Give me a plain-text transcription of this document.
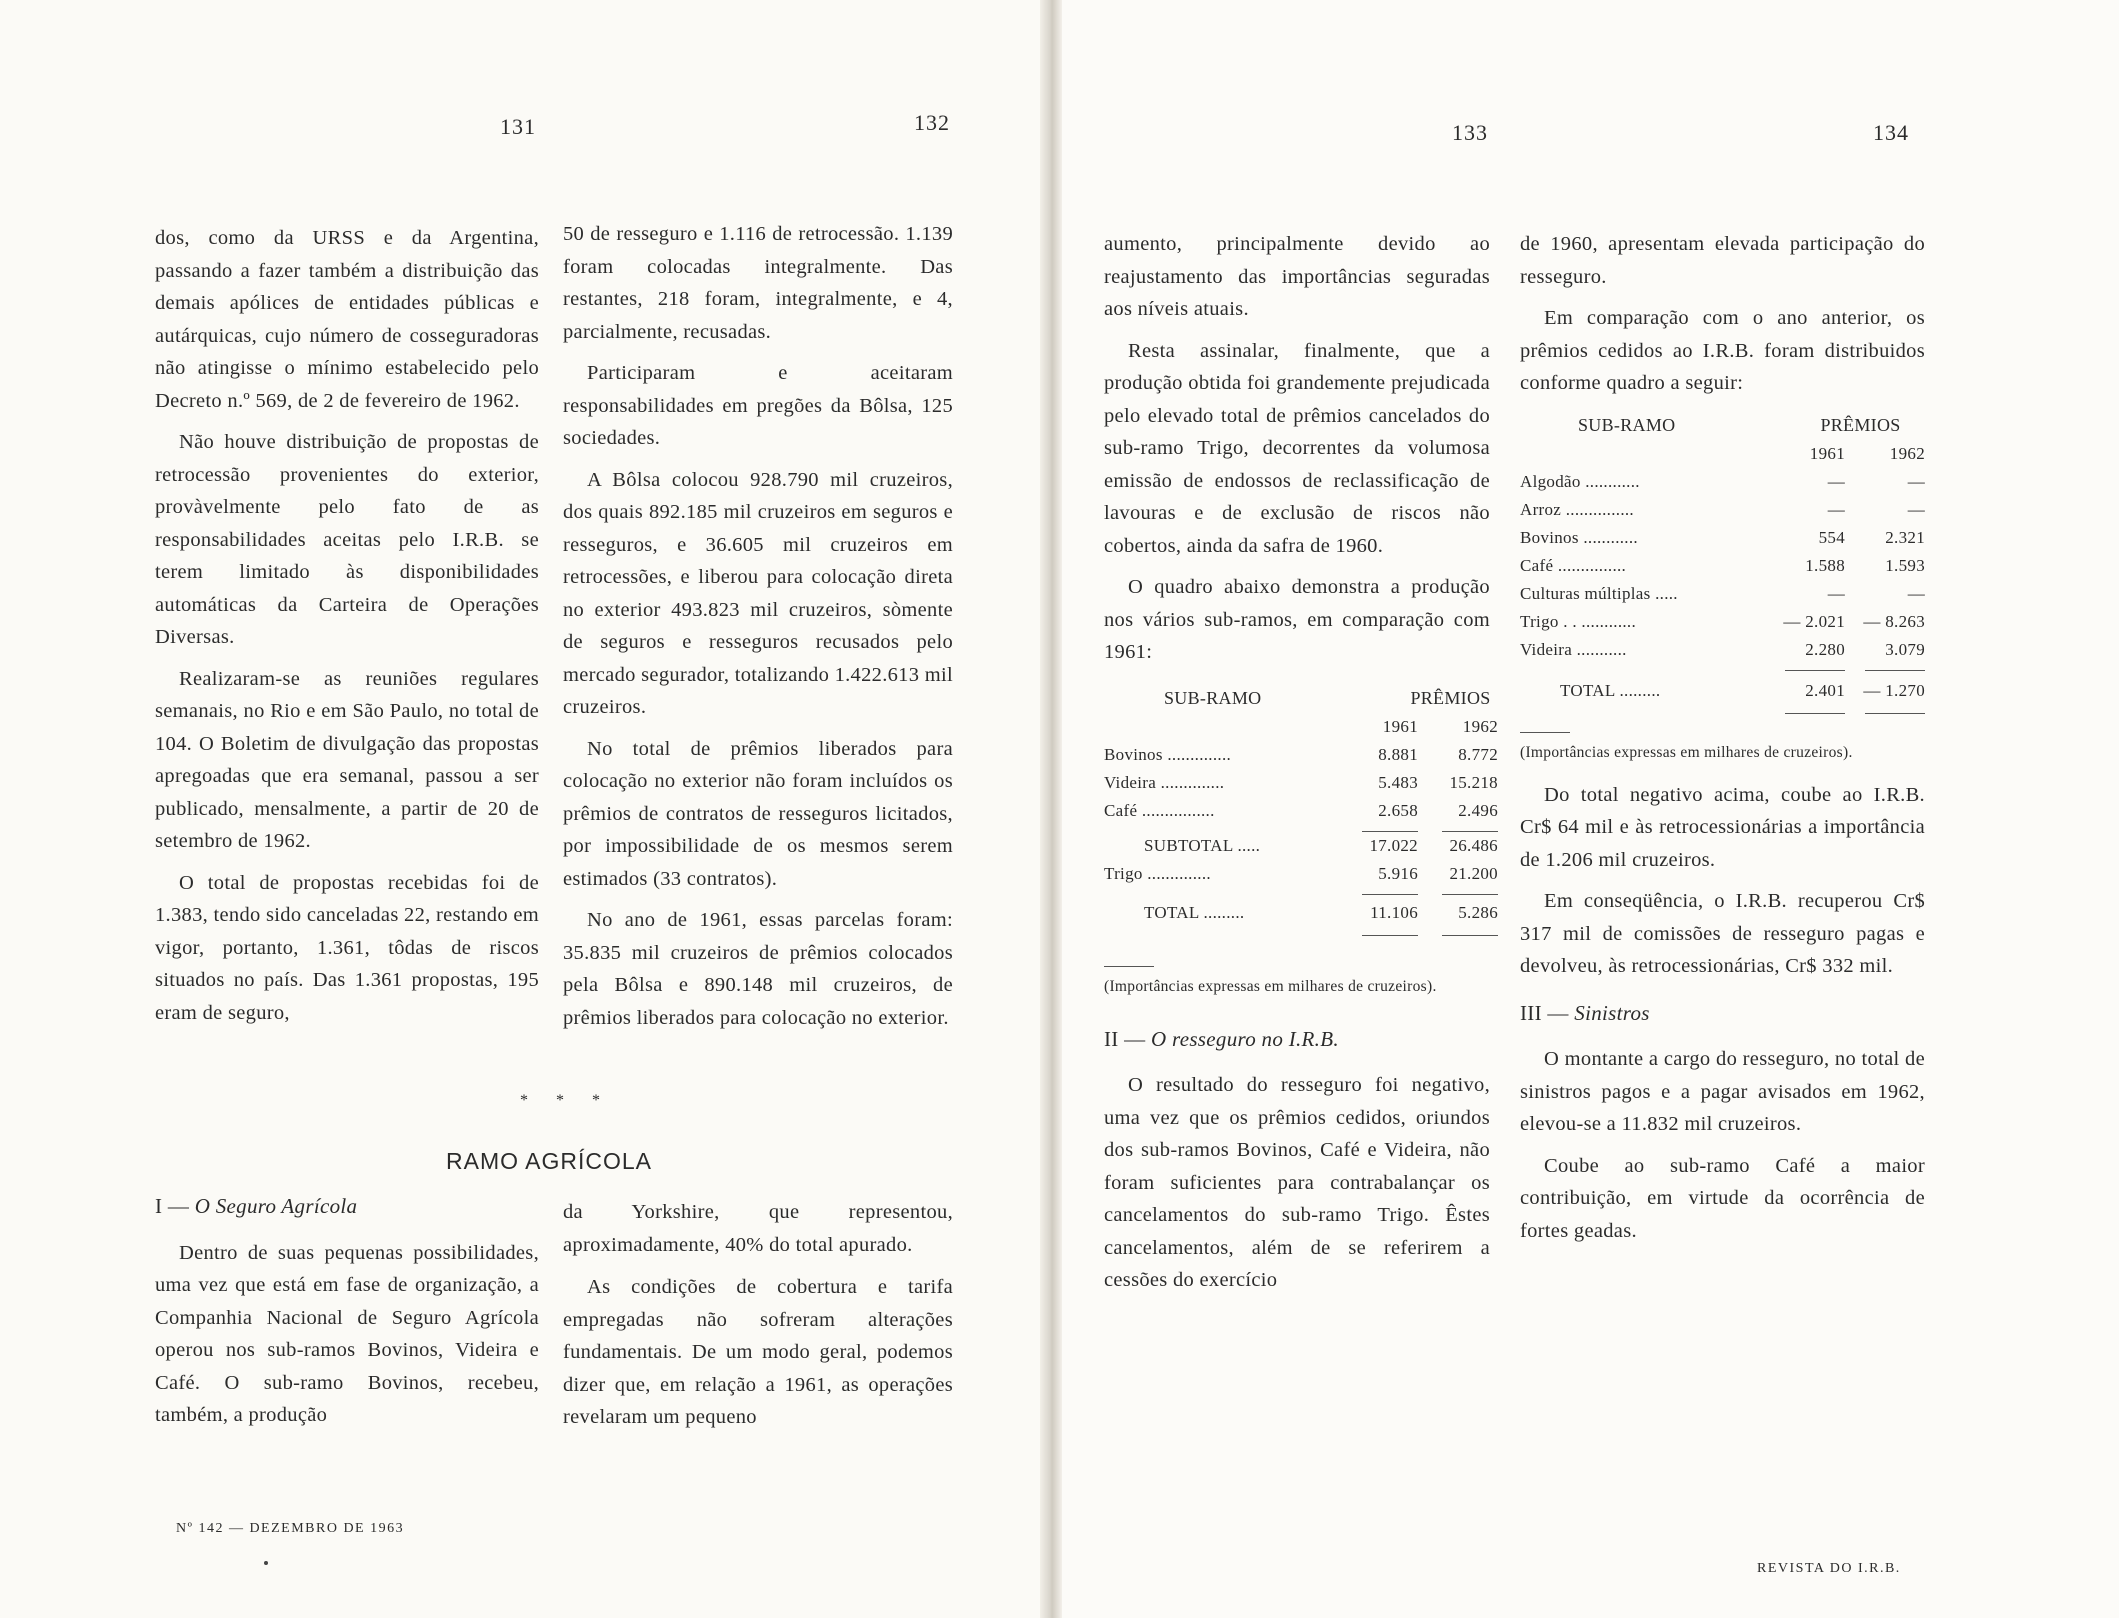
131	132	133	134

dos, como da URSS e da Argentina, passando a fazer também a distribuição das demais apólices de entidades públicas e autárquicas, cujo número de cosseguradoras não atingisse o mínimo estabelecido pelo Decreto n.º 569, de 2 de fevereiro de 1962.

Não houve distribuição de propostas de retrocessão provenientes do exterior, provàvelmente pelo fato de as responsabilidades aceitas pelo I.R.B. se terem limitado às disponibilidades automáticas da Carteira de Operações Diversas.

Realizaram-se as reuniões regulares semanais, no Rio e em São Paulo, no total de 104. O Boletim de divulgação das propostas apregoadas que era semanal, passou a ser publicado, mensalmente, a partir de 20 de setembro de 1962.

O total de propostas recebidas foi de 1.383, tendo sido canceladas 22, restando em vigor, portanto, 1.361, tôdas de riscos situados no país. Das 1.361 propostas, 195 eram de seguro,

50 de resseguro e 1.116 de retrocessão. 1.139 foram colocadas integralmente. Das restantes, 218 foram, integralmente, e 4, parcialmente, recusadas.

Participaram e aceitaram responsabilidades em pregões da Bôlsa, 125 sociedades.

A Bôlsa colocou 928.790 mil cruzeiros, dos quais 892.185 mil cruzeiros em seguros e resseguros, e 36.605 mil cruzeiros em retrocessões, e liberou para colocação direta no exterior 493.823 mil cruzeiros, sòmente de seguros e resseguros recusados pelo mercado segurador, totalizando 1.422.613 mil cruzeiros.

No total de prêmios liberados para colocação no exterior não foram incluídos os prêmios de contratos de resseguros licitados, por impossibilidade de os mesmos serem estimados (33 contratos).

No ano de 1961, essas parcelas foram: 35.835 mil cruzeiros de prêmios colocados pela Bôlsa e 890.148 mil cruzeiros, de prêmios liberados para colocação no exterior.

* * *
RAMO AGRÍCOLA
I — O Seguro Agrícola

Dentro de suas pequenas possibilidades, uma vez que está em fase de organização, a Companhia Nacional de Seguro Agrícola operou nos sub-ramos Bovinos, Videira e Café. O sub-ramo Bovinos, recebeu, também, a produção

da Yorkshire, que representou, aproximadamente, 40% do total apurado.

As condições de cobertura e tarifa empregadas não sofreram alterações fundamentais. De um modo geral, podemos dizer que, em relação a 1961, as operações revelaram um pequeno

Nº 142 — DEZEMBRO DE 1963

aumento, principalmente devido ao reajustamento das importâncias seguradas aos níveis atuais.

Resta assinalar, finalmente, que a produção obtida foi grandemente prejudicada pelo elevado total de prêmios cancelados do sub-ramo Trigo, decorrentes da volumosa emissão de endossos de reclassificação de lavouras e de exclusão de riscos não cobertos, ainda da safra de 1960.

O quadro abaixo demonstra a produção nos vários sub-ramos, em comparação com 1961:

SUB-RAMO	PRÊMIOS	
	1961	1962
Bovinos ..............	8.881	8.772
Videira ..............	5.483	15.218
Café ................	2.658	2.496

SUBTOTAL .....	17.022	26.486
Trigo ..............	5.916	21.200

TOTAL .........	11.106	5.286

(Importâncias expressas em milhares de cruzeiros).
II — O resseguro no I.R.B.

O resultado do resseguro foi negativo, uma vez que os prêmios cedidos, oriundos dos sub-ramos Bovinos, Café e Videira, não foram suficientes para contrabalançar os cancelamentos do sub-ramo Trigo. Êstes cancelamentos, além de se referirem a cessões do exercício

de 1960, apresentam elevada participação do resseguro.

Em comparação com o ano anterior, os prêmios cedidos ao I.R.B. foram distribuidos conforme quadro a seguir:

SUB-RAMO	PRÊMIOS	
	1961	1962
Algodão ............	—	—
Arroz ...............	—	—
Bovinos ............	554	2.321
Café ...............	1.588	1.593
Culturas múltiplas .....	—	—
Trigo . . ............	— 2.021	— 8.263
Videira ...........	2.280	3.079

TOTAL .........	2.401	— 1.270

(Importâncias expressas em milhares de cruzeiros).

Do total negativo acima, coube ao I.R.B. Cr$ 64 mil e às retrocessionárias a importância de 1.206 mil cruzeiros.

Em conseqüência, o I.R.B. recuperou Cr$ 317 mil de comissões de resseguro pagas e devolveu, às retrocessionárias, Cr$ 332 mil.

III — Sinistros

O montante a cargo do resseguro, no total de sinistros pagos e a pagar avisados em 1962, elevou-se a 11.832 mil cruzeiros.

Coube ao sub-ramo Café a maior contribuição, em virtude da ocorrência de fortes geadas.

REVISTA DO I.R.B.
